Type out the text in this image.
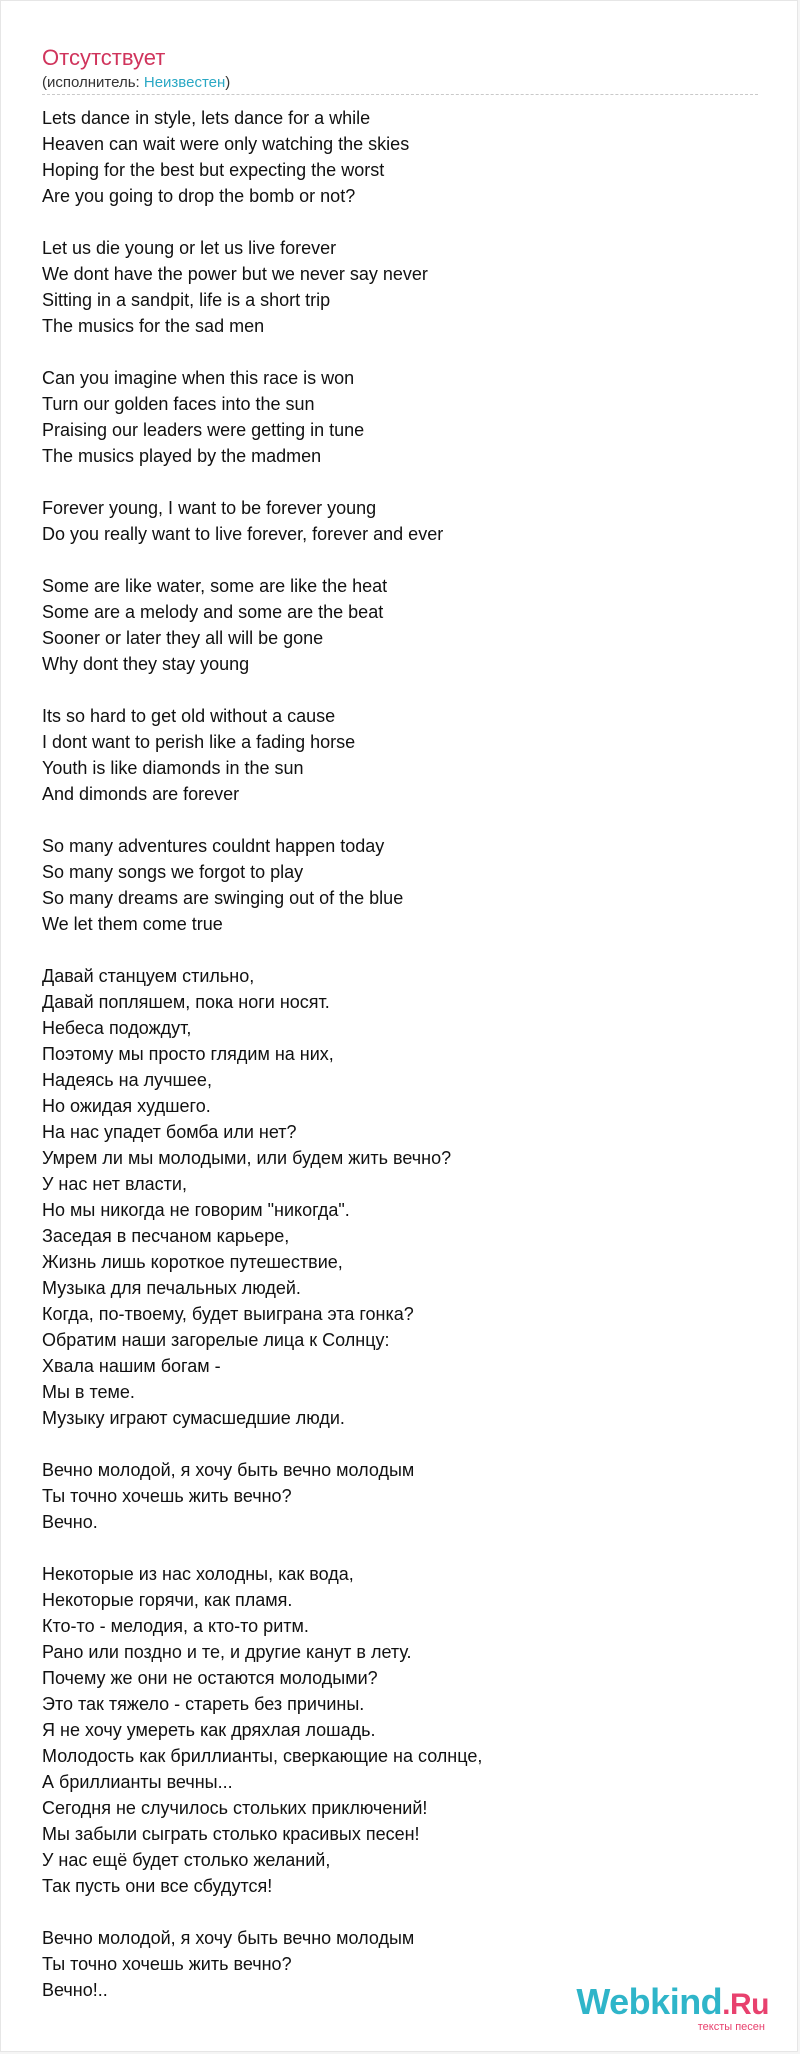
Отсутствует
(исполнитель: Неизвестен)
Lets dance in style, lets dance for a while
Heaven can wait were only watching the skies
Hoping for the best but expecting the worst
Are you going to drop the bomb or not?

Let us die young or let us live forever
We dont have the power but we never say never
Sitting in a sandpit, life is a short trip
The musics for the sad men

Can you imagine when this race is won
Turn our golden faces into the sun
Praising our leaders were getting in tune
The musics played by the madmen

Forever young, I want to be forever young
Do you really want to live forever, forever and ever

Some are like water, some are like the heat
Some are a melody and some are the beat
Sooner or later they all will be gone
Why dont they stay young

Its so hard to get old without a cause
I dont want to perish like a fading horse
Youth is like diamonds in the sun
And dimonds are forever

So many adventures couldnt happen today
So many songs we forgot to play
So many dreams are swinging out of the blue
We let them come true

Давай станцуем стильно,
Давай попляшем, пока ноги носят.
Небеса подождут,
Поэтому мы просто глядим на них,
Надеясь на лучшее,
Но ожидая худшего.
На нас упадет бомба или нет?
Умрем ли мы молодыми, или будем жить вечно?
У нас нет власти,
Но мы никогда не говорим "никогда".
Заседая в песчаном карьере,
Жизнь лишь короткое путешествие,
Музыка для печальных людей.
Когда, по-твоему, будет выиграна эта гонка?
Обратим наши загорелые лица к Солнцу:
Хвала нашим богам -
Мы в теме.
Музыку играют сумасшедшие люди.

Вечно молодой, я хочу быть вечно молодым
Ты точно хочешь жить вечно?
Вечно.

Некоторые из нас холодны, как вода,
Некоторые горячи, как пламя.
Кто-то - мелодия, а кто-то ритм.
Рано или поздно и те, и другие канут в лету.
Почему же они не остаются молодыми?
Это так тяжело - стареть без причины.
Я не хочу умереть как дряхлая лошадь.
Молодость как бриллианты, сверкающие на солнце,
А бриллианты вечны...
Сегодня не случилось стольких приключений!
Мы забыли сыграть столько красивых песен!
У нас ещё будет столько желаний,
Так пусть они все сбудутся!

Вечно молодой, я хочу быть вечно молодым
Ты точно хочешь жить вечно?
Вечно!..	Webkind.Ru
тексты песен
